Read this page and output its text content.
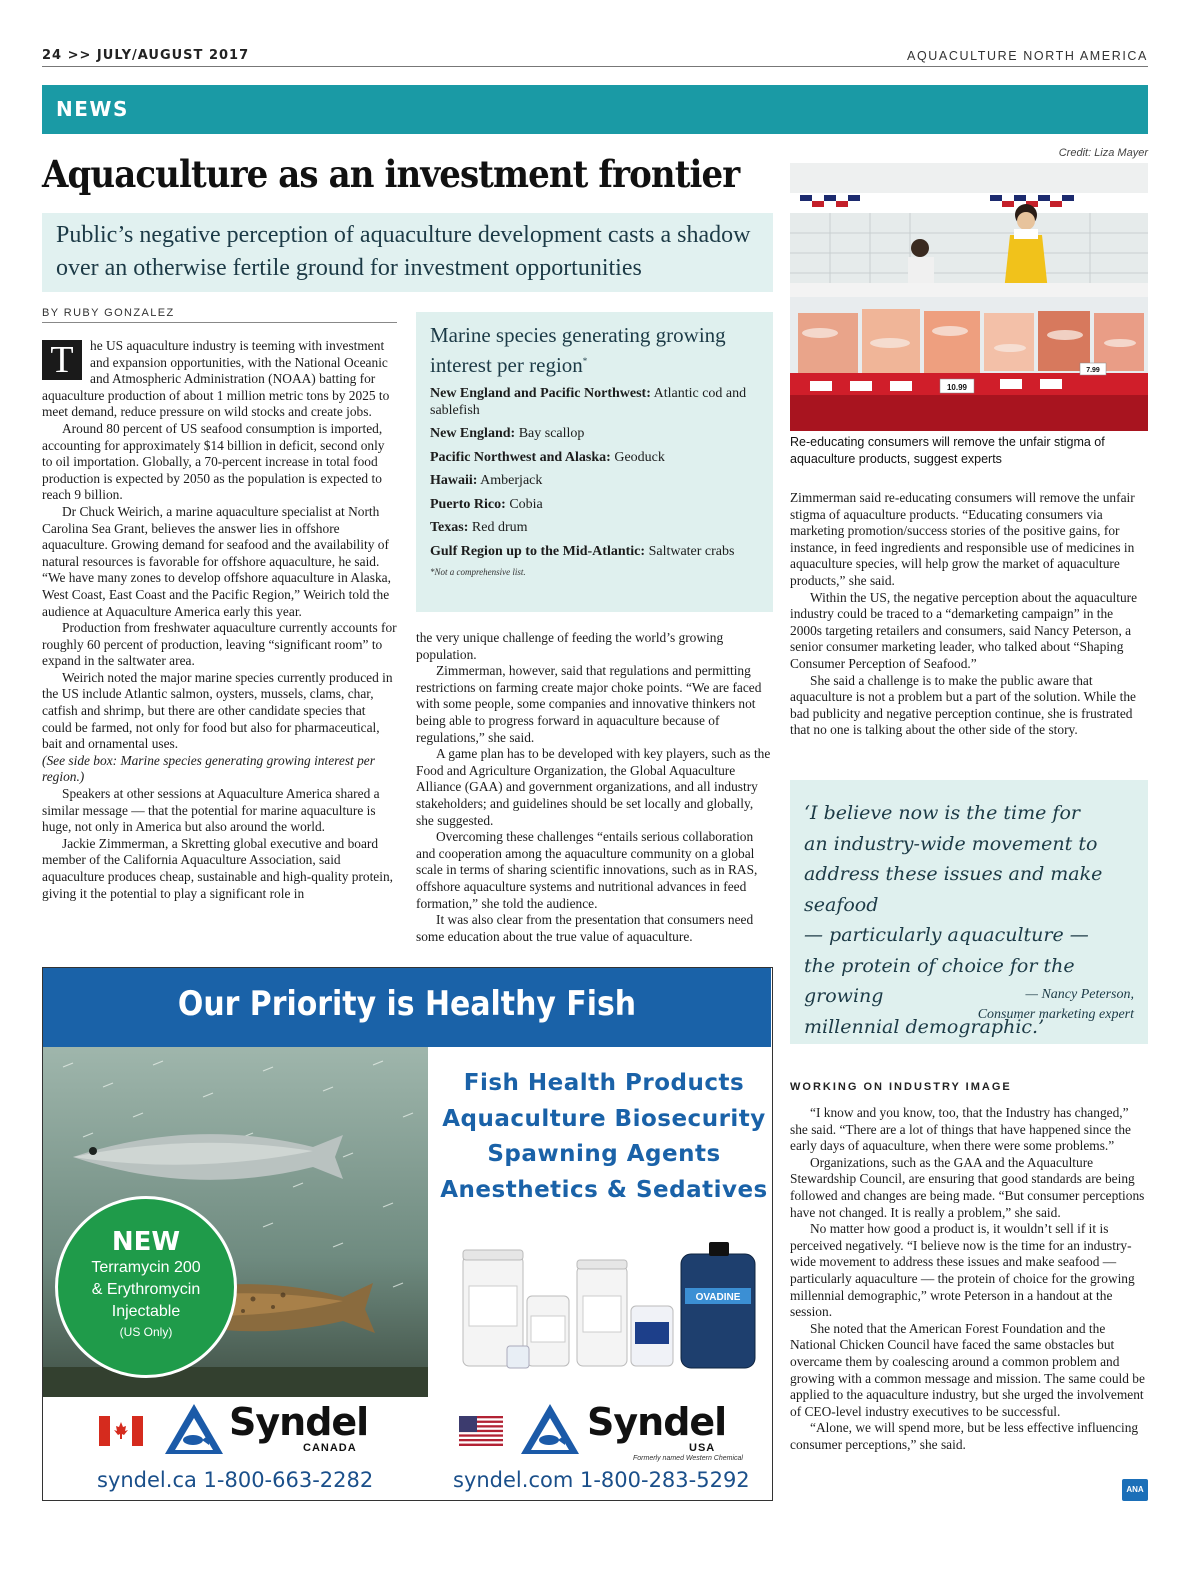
24 >> JULY/AUGUST 2017	AQUACULTURE NORTH AMERICA
NEWS
Aquaculture as an investment frontier
Public’s negative perception of aquaculture development casts a shadow over an otherwise fertile ground for investment opportunities
BY RUBY GONZALEZ

T	he US aquaculture industry is teeming with investment and expansion opportunities, with the National Oceanic and Atmospheric Administration (NOAA) batting for aquaculture production of about 1 million metric tons by 2025 to meet demand, reduce pressure on wild stocks and create jobs.

Around 80 percent of US seafood consumption is imported, accounting for approximately $14 billion in deficit, second only to oil importation. Globally, a 70-percent increase in total food production is expected by 2050 as the population is expected to reach 9 billion.

Dr Chuck Weirich, a marine aquaculture specialist at North Carolina Sea Grant, believes the answer lies in offshore aquaculture. Growing demand for seafood and the availability of natural resources is favorable for offshore aquaculture, he said. “We have many zones to develop offshore aquaculture in Alaska, West Coast, East Coast and the Pacific Region,” Weirich told the audience at Aquaculture America early this year.

Production from freshwater aquaculture currently accounts for roughly 60 percent of production, leaving “significant room” to expand in the saltwater area.

Weirich noted the major marine species currently produced in the US include Atlantic salmon, oysters, mussels, clams, char, catfish and shrimp, but there are other candidate species that could be farmed, not only for food but also for pharmaceutical, bait and ornamental uses.

(See side box: Marine species generating growing interest per region.)

Speakers at other sessions at Aquaculture America shared a similar message — that the potential for marine aquaculture is huge, not only in America but also around the world.

Jackie Zimmerman, a Skretting global executive and board member of the California Aquaculture Association, said aquaculture produces cheap, sustainable and high-quality protein, giving it the potential to play a significant role in

Marine species generating growing interest per region*
New England and Pacific Northwest: Atlantic cod and sablefish
New England: Bay scallop
Pacific Northwest and Alaska: Geoduck
Hawaii: Amberjack
Puerto Rico: Cobia
Texas: Red drum
Gulf Region up to the Mid-Atlantic: Saltwater crabs
*Not a comprehensive list.

the very unique challenge of feeding the world’s growing population.

Zimmerman, however, said that regulations and permitting restrictions on farming create major choke points. “We are faced with some people, some companies and innovative thinkers not being able to progress forward in aquaculture because of regulations,” she said.

A game plan has to be developed with key players, such as the Food and Agriculture Organization, the Global Aquaculture Alliance (GAA) and government organizations, and all industry stakeholders; and guidelines should be set locally and globally, she suggested.

Overcoming these challenges “entails serious collaboration and cooperation among the aquaculture community on a global scale in terms of sharing scientific innovations, such as in RAS, offshore aquaculture systems and nutritional advances in feed formation,” she told the audience.

It was also clear from the presentation that consumers need some education about the true value of aquaculture.

Credit: Liza Mayer
10.99
7.99
Re-educating consumers will remove the unfair stigma of aquaculture products, suggest experts

Zimmerman said re-educating consumers will remove the unfair stigma of aquaculture products. “Educating consumers via marketing promotion/success stories of the positive gains, for instance, in feed ingredients and responsible use of medicines in aquaculture species, will help grow the market of aquaculture products,” she said.

Within the US, the negative perception about the aquaculture industry could be traced to a “demarketing campaign” in the 2000s targeting retailers and consumers, said Nancy Peterson, a senior consumer marketing leader, who talked about “Shaping Consumer Perception of Seafood.”

She said a challenge is to make the public aware that aquaculture is not a problem but a part of the solution. While the bad publicity and negative perception continue, she is frustrated that no one is talking about the other side of the story.

‘I believe now is the time for
an industry-wide movement to
address these issues and make seafood
— particularly aquaculture —
the protein of choice for the growing
millennial demographic.’
— Nancy Peterson,
Consumer marketing expert
WORKING ON INDUSTRY IMAGE

“I know and you know, too, that the Industry has changed,” she said. “There are a lot of things that have happened since the early days of aquaculture, when there were some problems.”

Organizations, such as the GAA and the Aquaculture Stewardship Council, are ensuring that good standards are being followed and changes are being made. “But consumer perceptions have not changed. It is really a problem,” she said.

No matter how good a product is, it wouldn’t sell if it is perceived negatively. “I believe now is the time for an industry-wide movement to address these issues and make seafood — particularly aquaculture — the protein of choice for the growing millennial demographic,” wrote Peterson in a handout at the session.

She noted that the American Forest Foundation and the National Chicken Council have faced the same obstacles but overcame them by coalescing around a common problem and growing with a common message and mission. The same could be applied to the aquaculture industry, but she urged the involvement of CEO-level industry executives to be successful.

“Alone, we will spend more, but be less effective influencing consumer perceptions,” she said.

ANA
Our Priority is Healthy Fish
NEW
Terramycin 200
& Erythromycin
Injectable
(US Only)
Fish Health Products
Aquaculture Biosecurity
Spawning Agents
Anesthetics & Sedatives
OVADINE
Syndel
CANADA
syndel.ca 1-800-663-2282
Syndel
USA
Formerly named Western Chemical
syndel.com 1-800-283-5292
